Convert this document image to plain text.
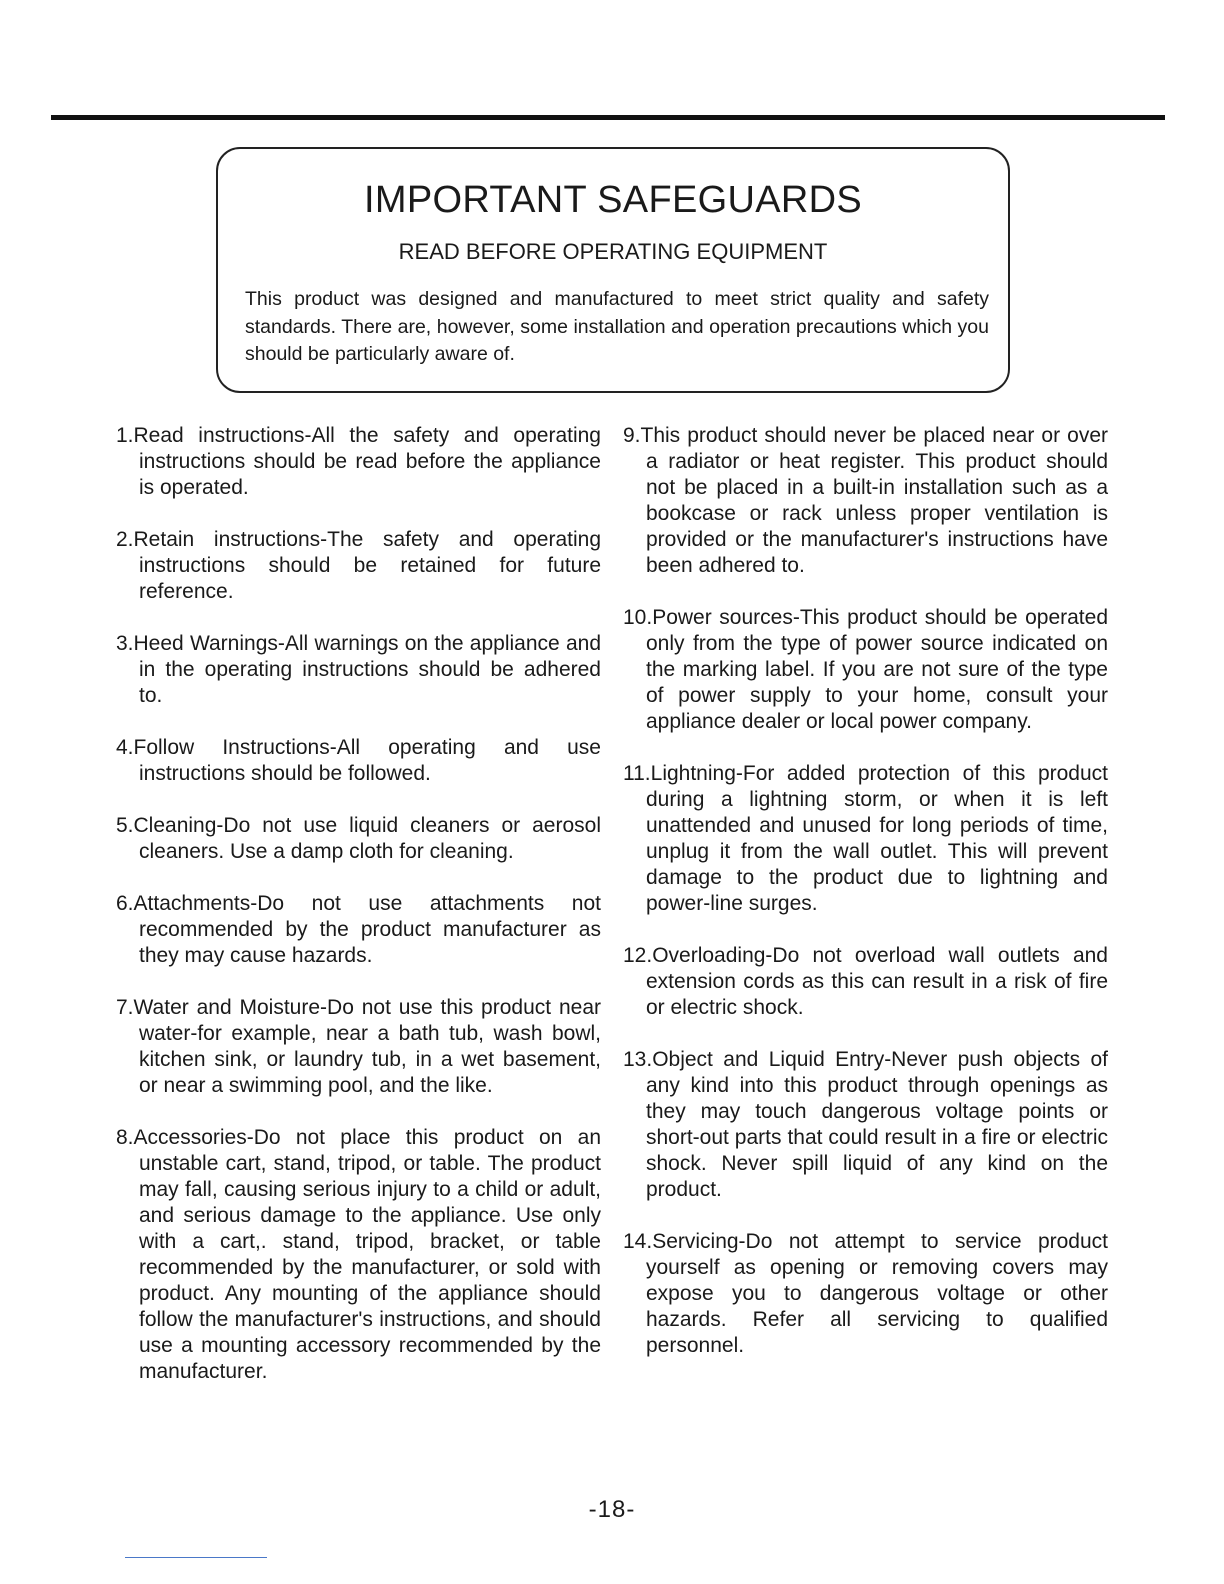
IMPORTANT SAFEGUARDS

READ BEFORE OPERATING EQUIPMENT

This product was designed and manufactured to meet strict quality and safety standards. There are, however, some installation and operation precautions which you should be particularly aware of.

1.Read instructions-All the safety and operating instructions should be read before the appliance is operated.

2.Retain instructions-The safety and operating instructions should be retained for future reference.

3.Heed Warnings-All warnings on the appliance and in the operating instructions should be adhered to.

4.Follow Instructions-All operating and use instructions should be followed.

5.Cleaning-Do not use liquid cleaners or aerosol cleaners. Use a damp cloth for cleaning.

6.Attachments-Do not use attachments not recommended by the product manufacturer as they may cause hazards.

7.Water and Moisture-Do not use this product near water-for example, near a bath tub, wash bowl, kitchen sink, or laundry tub, in a wet basement, or near a swimming pool, and the like.

8.Accessories-Do not place this product on an unstable cart, stand, tripod, or table. The product may fall, causing serious injury to a child or adult, and serious damage to the appliance. Use only with a cart,. stand, tripod, bracket, or table recommended by the manufacturer, or sold with product. Any mounting of the appliance should follow the manufacturer's instructions, and should use a mounting accessory recommended by the manufacturer.

9.This product should never be placed near or over a radiator or heat register. This product should not be placed in a built-in installation such as a bookcase or rack unless proper ventilation is provided or the manufacturer's instructions have been adhered to.

10.Power sources-This product should be operated only from the type of power source indicated on the marking label. If you are not sure of the type of power supply to your home, consult your appliance dealer or local power company.

11.Lightning-For added protection of this product during a lightning storm, or when it is left unattended and unused for long periods of time, unplug it from the wall outlet. This will prevent damage to the product due to lightning and power-line surges.

12.Overloading-Do not overload wall outlets and extension cords as this can result in a risk of fire or electric shock.

13.Object and Liquid Entry-Never push objects of any kind into this product through openings as they may touch dangerous voltage points or short-out parts that could result in a fire or electric shock. Never spill liquid of any kind on the product.

14.Servicing-Do not attempt to service product yourself as opening or removing covers may expose you to dangerous voltage or other hazards. Refer all servicing to qualified personnel.

-18-
